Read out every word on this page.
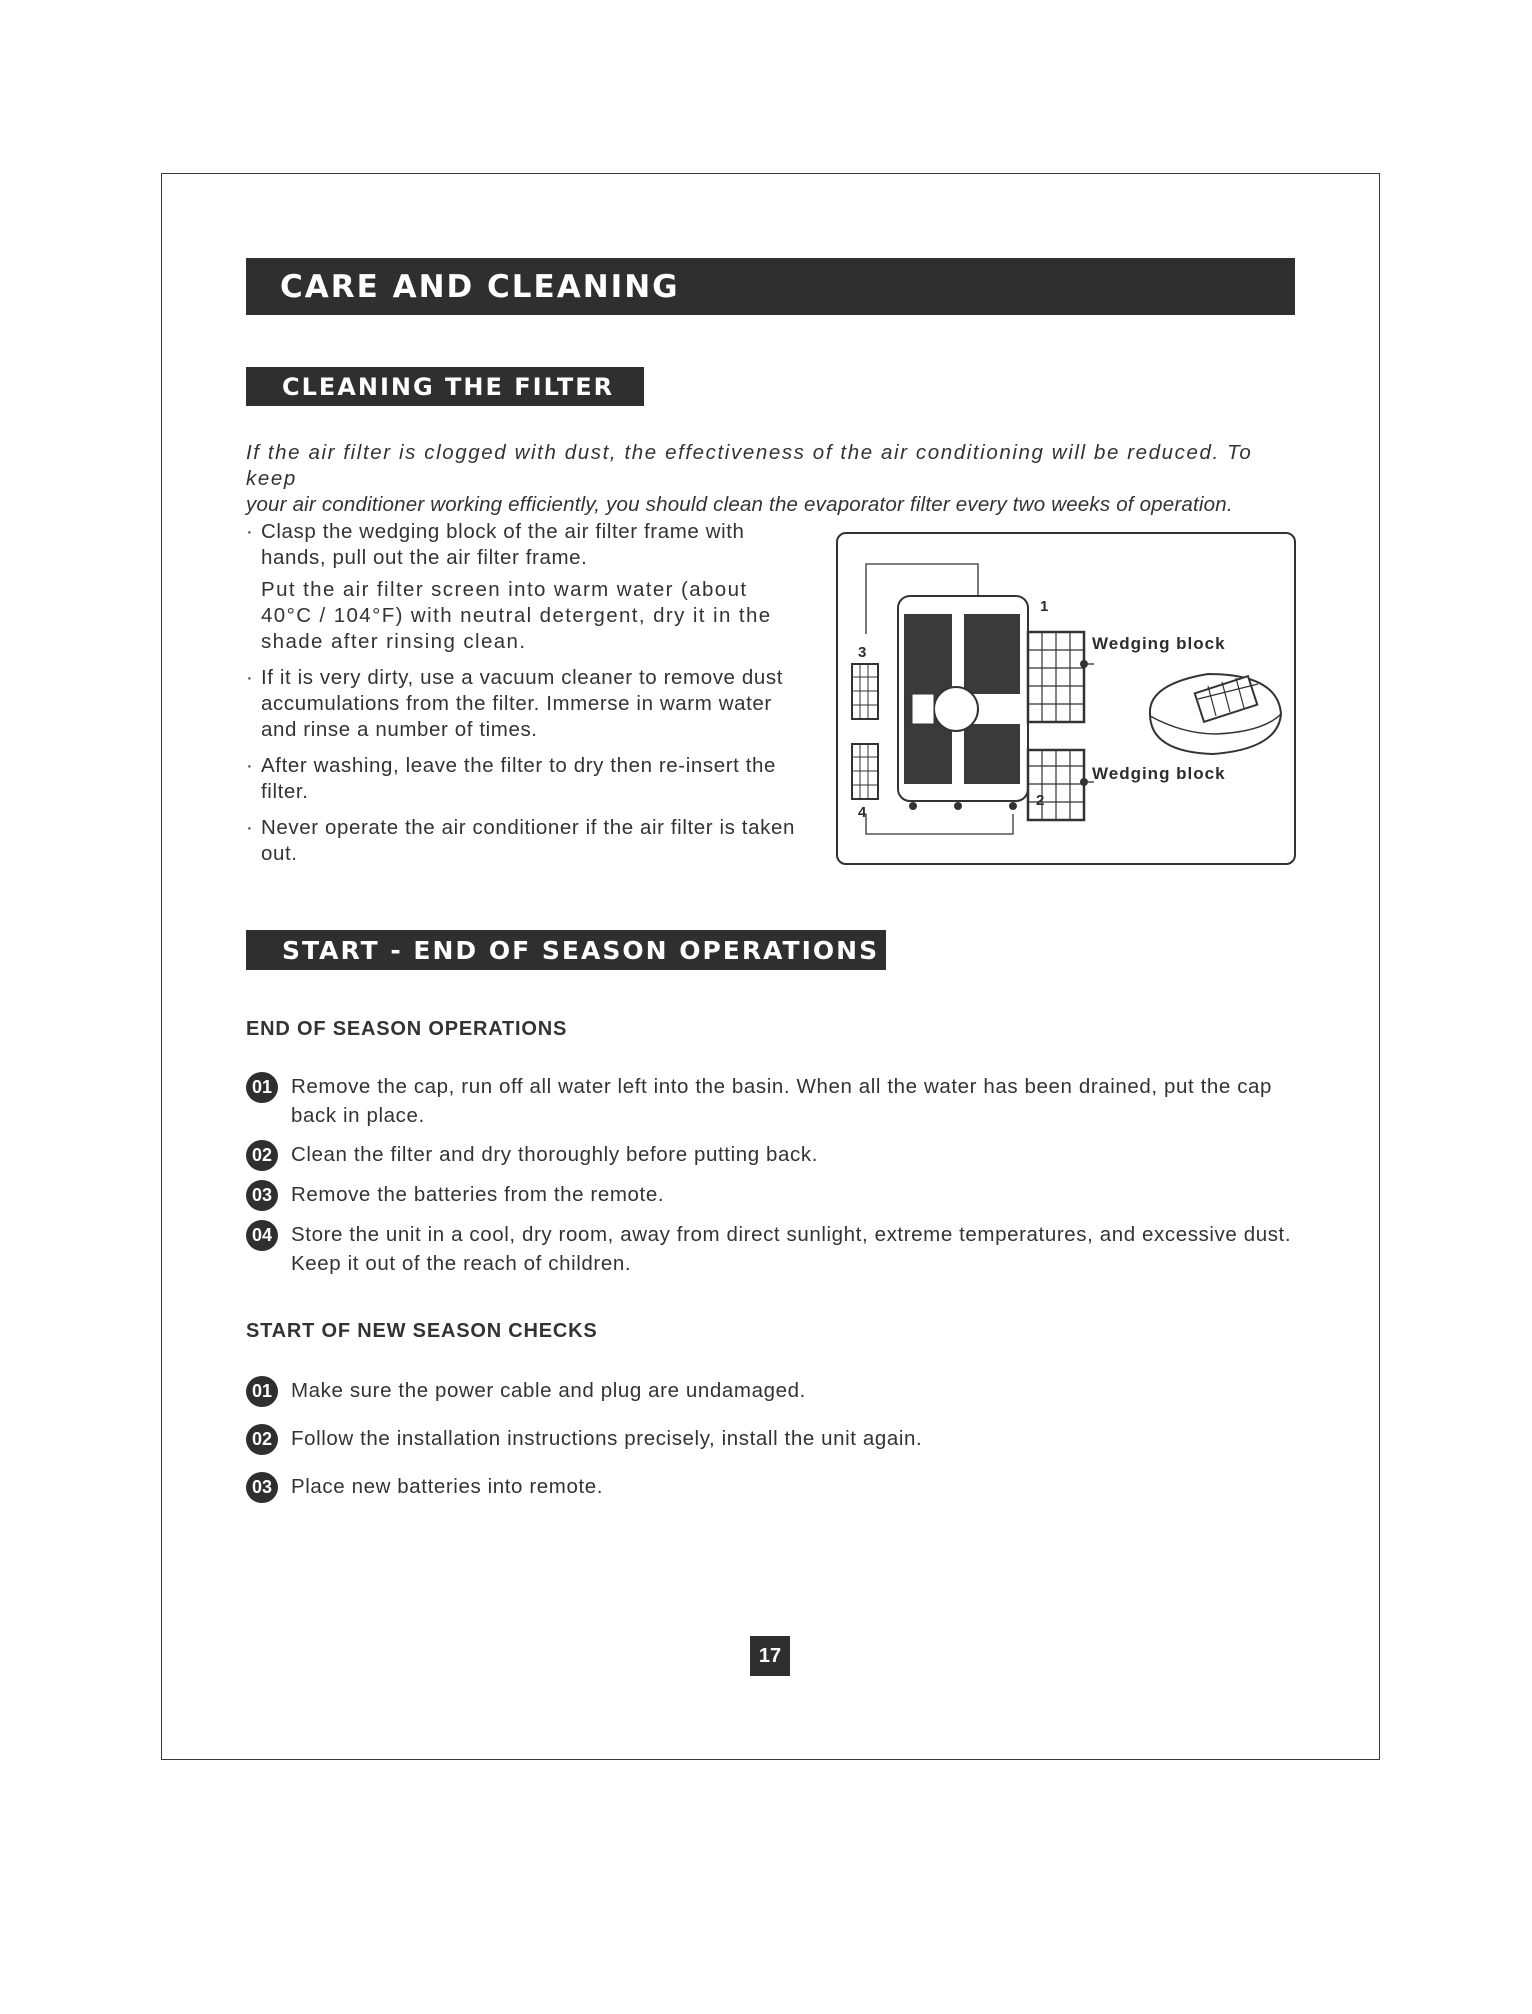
CARE AND CLEANING
CLEANING THE FILTER

If the air filter is clogged with dust, the effectiveness of the air conditioning will be reduced. To keep

your air conditioner working efficiently, you should clean the evaporator filter every two weeks of operation.

· Clasp the wedging block of the air filter frame with hands, pull out the air filter frame.
Put the air filter screen into warm water (about 40°C / 104°F) with neutral detergent, dry it in the shade after rinsing clean.
· If it is very dirty, use a vacuum cleaner to remove dust accumulations from the filter. Immerse in warm water and rinse a number of times.
· After washing, leave the filter to dry then re-insert the filter.
· Never operate the air conditioner if the air filter is taken out.
1
2
3
4
Wedging block
Wedging block
START - END OF SEASON OPERATIONS
END OF SEASON OPERATIONS
01 Remove the cap, run off all water left into the basin. When all the water has been drained, put the cap back in place.
02 Clean the filter and dry thoroughly before putting back.
03 Remove the batteries from the remote.
04 Store the unit in a cool, dry room, away from direct sunlight, extreme temperatures, and excessive dust. Keep it out of the reach of children.
START OF NEW SEASON CHECKS
01 Make sure the power cable and plug are undamaged.
02 Follow the installation instructions precisely, install the unit again.
03 Place new batteries into remote.
17
